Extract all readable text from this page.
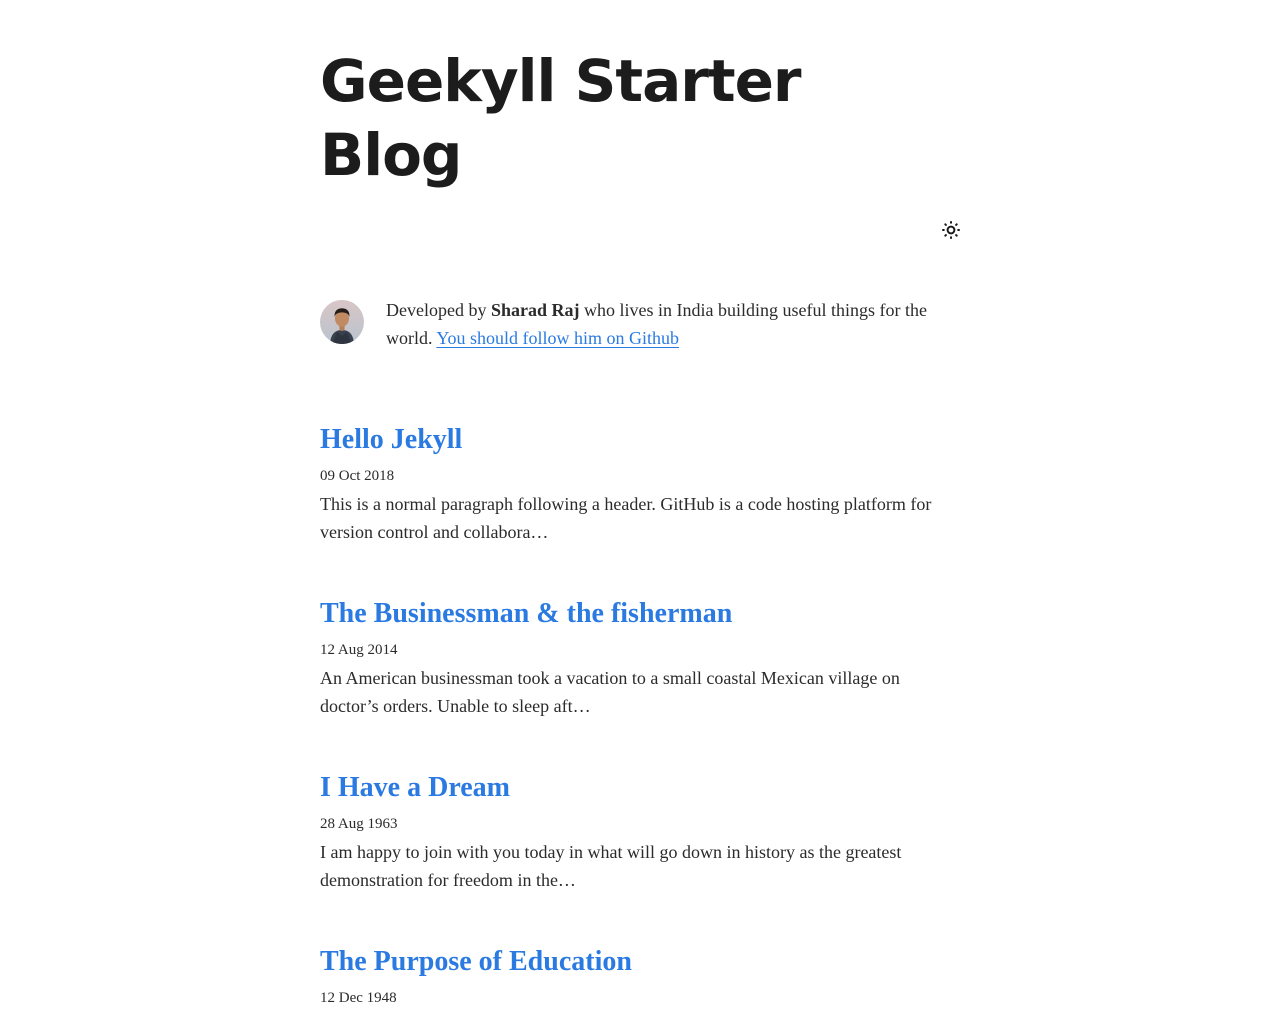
Geekyll Starter Blog

Developed by Sharad Raj who lives in India building useful things for the world. You should follow him on Github

Hello Jekyll
09 Oct 2018

This is a normal paragraph following a header. GitHub is a code hosting platform for version control and collabora…

The Businessman & the fisherman
12 Aug 2014

An American businessman took a vacation to a small coastal Mexican village on doctor’s orders. Unable to sleep aft…

I Have a Dream
28 Aug 1963

I am happy to join with you today in what will go down in history as the greatest demonstration for freedom in the…

The Purpose of Education
12 Dec 1948
